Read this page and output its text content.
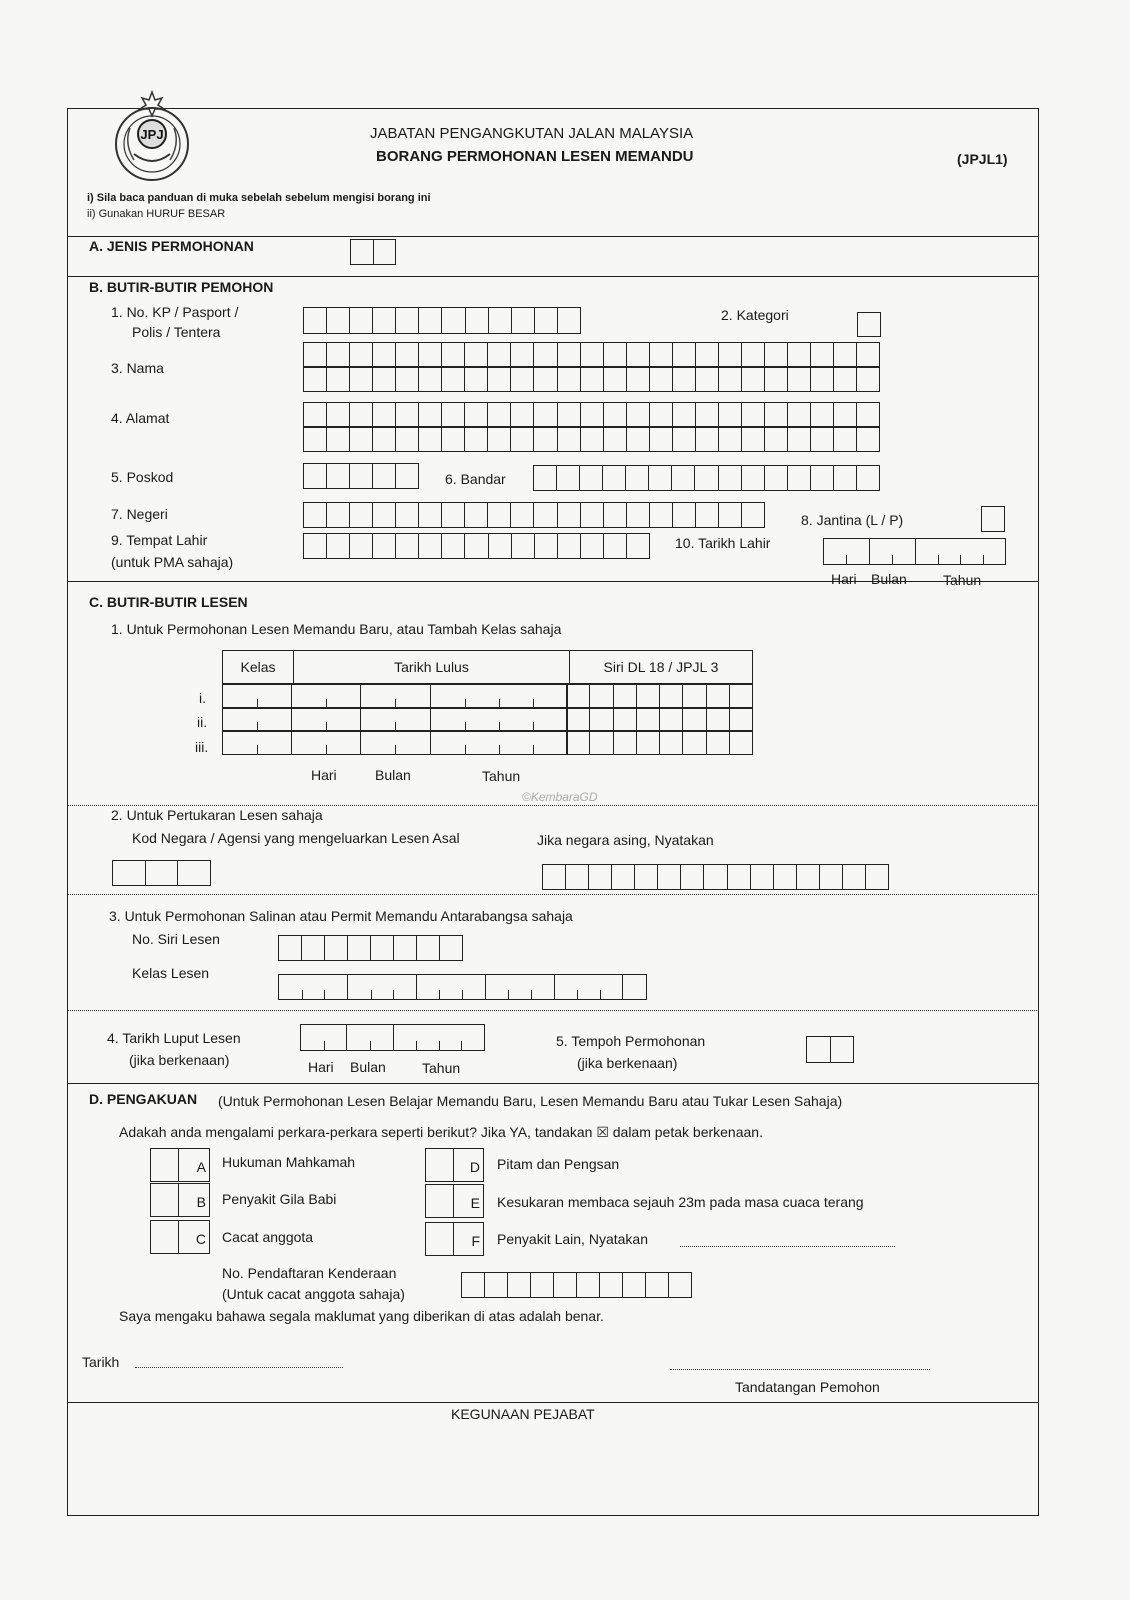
JPJ	JABATAN PENGANGKUTAN JALAN MALAYSIA
BORANG PERMOHONAN LESEN MEMANDU	(JPJL1)
i) Sila baca panduan di muka sebelah sebelum mengisi borang ini
ii) Gunakan HURUF BESAR
A. JENIS PERMOHONAN
B. BUTIR-BUTIR PEMOHON
1. No. KP / Pasport /
Polis / Tentera
2. Kategori
3. Nama
4. Alamat
5. Poskod	6. Bandar
7. Negeri	8. Jantina (L / P)
9. Tempat Lahir
(untuk PMA sahaja)
10. Tarikh Lahir
Hari Bulan	Tahun
C. BUTIR-BUTIR LESEN
1. Untuk Permohonan Lesen Memandu Baru, atau Tambah Kelas sahaja
Kelas	Tarikh Lulus	Siri DL 18 / JPJL 3
i.
ii.
iii.
Hari	Bulan	Tahun
©KembaraGD
2. Untuk Pertukaran Lesen sahaja
Kod Negara / Agensi yang mengeluarkan Lesen Asal	Jika negara asing, Nyatakan
3. Untuk Permohonan Salinan atau Permit Memandu Antarabangsa sahaja
No. Siri Lesen
Kelas Lesen
4. Tarikh Luput Lesen
(jika berkenaan)	Hari Bulan	Tahun
5. Tempoh Permohonan
(jika berkenaan)
D. PENGAKUAN (Untuk Permohonan Lesen Belajar Memandu Baru, Lesen Memandu Baru atau Tukar Lesen Sahaja)
Adakah anda mengalami perkara-perkara seperti berikut? Jika YA, tandakan ☒ dalam petak berkenaan.
A Hukuman Mahkamah
B Penyakit Gila Babi
C Cacat anggota
D Pitam dan Pengsan
E Kesukaran membaca sejauh 23m pada masa cuaca terang
F Penyakit Lain, Nyatakan
No. Pendaftaran Kenderaan
(Untuk cacat anggota sahaja)
Saya mengaku bahawa segala maklumat yang diberikan di atas adalah benar.
Tarikh
Tandatangan Pemohon
KEGUNAAN PEJABAT
